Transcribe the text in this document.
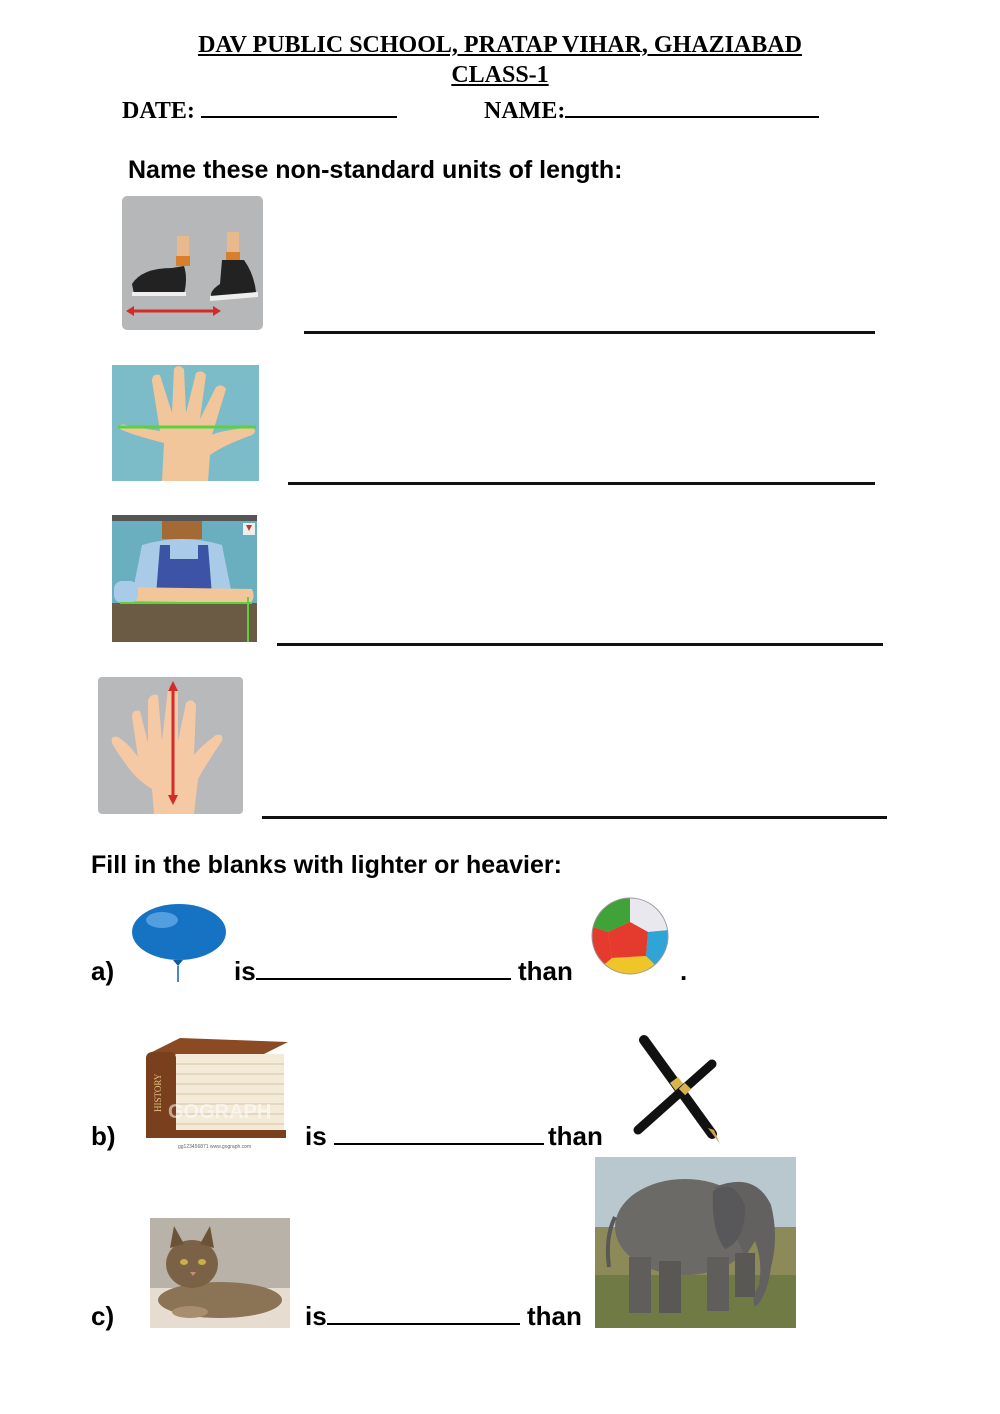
DAV PUBLIC SCHOOL, PRATAP VIHAR, GHAZIABAD
CLASS-1
DATE:	NAME:
Name these non-standard units of length:
Fill in the blanks with lighter or heavier:
a)	is	than	.
b)
HISTORY GOGRAPH
gg123456871 www.gograph.com is	than
c)	is	than
